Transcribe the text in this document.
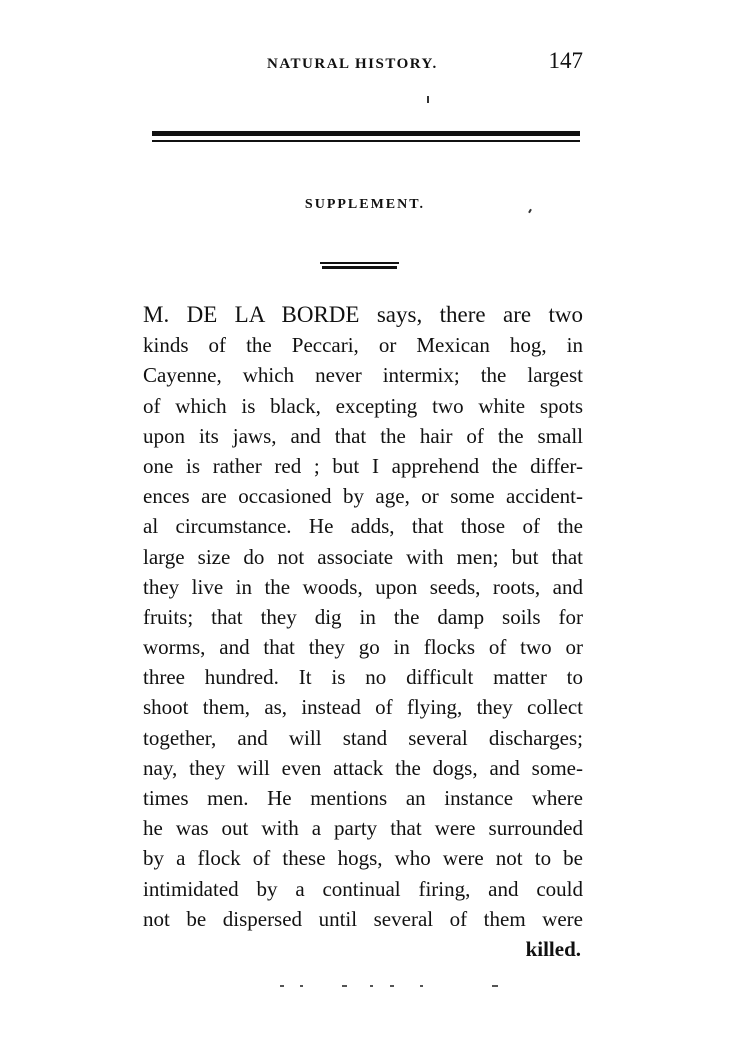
NATURAL HISTORY.	147
SUPPLEMENT.
M. DE LA BORDE says, there are two
kinds of the Peccari, or Mexican hog, in
Cayenne, which never intermix; the largest
of which is black, excepting two white spots
upon its jaws, and that the hair of the small
one is rather red ; but I apprehend the differ-
ences are occasioned by age, or some accident-
al circumstance. He adds, that those of the
large size do not associate with men; but that
they live in the woods, upon seeds, roots, and
fruits; that they dig in the damp soils for
worms, and that they go in flocks of two or
three hundred. It is no difficult matter to
shoot them, as, instead of flying, they collect
together, and will stand several discharges;
nay, they will even attack the dogs, and some-
times men. He mentions an instance where
he was out with a party that were surrounded
by a flock of these hogs, who were not to be
intimidated by a continual firing, and could
not be dispersed until several of them were
killed.
